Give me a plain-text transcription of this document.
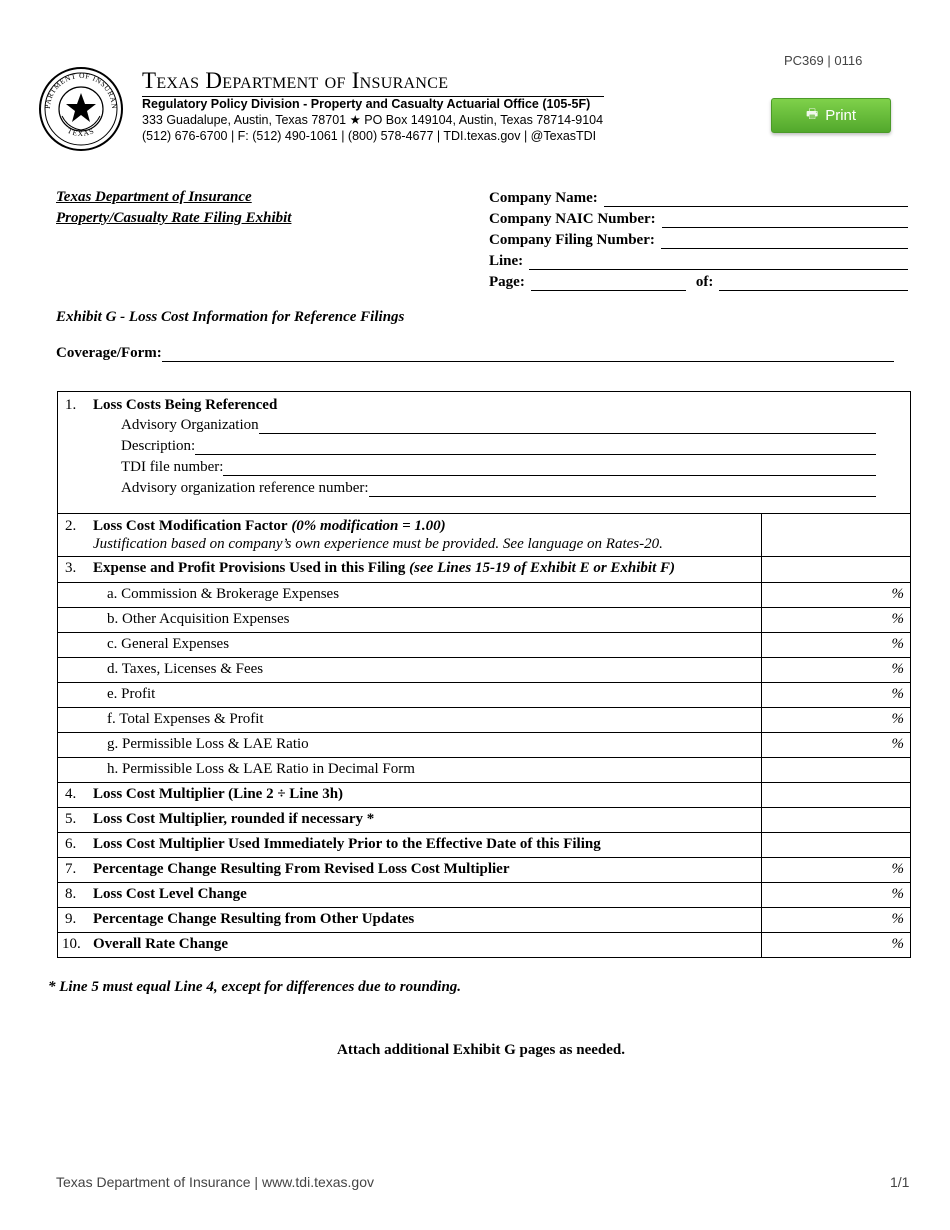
PC369 | 0116
PARTMENT OF INSURAN
TEXAS
Texas Department of Insurance
Regulatory Policy Division - Property and Casualty Actuarial Office (105-5F)
333 Guadalupe, Austin, Texas 78701 ★ PO Box 149104, Austin, Texas 78714-9104
(512) 676-6700 | F: (512) 490-1061 | (800) 578-4677 | TDI.texas.gov | @TexasTDI
🖶 Print
Texas Department of Insurance
Property/Casualty Rate Filing Exhibit
Company Name:
Company NAIC Number:
Company Filing Number:
Line:
Page:	of:
Exhibit G - Loss Cost Information for Reference Filings
Coverage/Form:
1. Loss Costs Being Referenced
Advisory Organization
Description:
TDI file number:
Advisory organization reference number:
2. Loss Cost Modification Factor (0% modification = 1.00)
Justification based on company’s own experience must be provided. See language on Rates-20.
3. Expense and Profit Provisions Used in this Filing (see Lines 15-19 of Exhibit E or Exhibit F)
a. Commission & Brokerage Expenses	%
b. Other Acquisition Expenses	%
c. General Expenses	%
d. Taxes, Licenses & Fees	%
e. Profit	%
f. Total Expenses & Profit	%
g. Permissible Loss & LAE Ratio	%
h. Permissible Loss & LAE Ratio in Decimal Form
4. Loss Cost Multiplier (Line 2 ÷ Line 3h)
5. Loss Cost Multiplier, rounded if necessary *
6. Loss Cost Multiplier Used Immediately Prior to the Effective Date of this Filing
7. Percentage Change Resulting From Revised Loss Cost Multiplier	%
8. Loss Cost Level Change	%
9. Percentage Change Resulting from Other Updates	%
10. Overall Rate Change	%
* Line 5 must equal Line 4, except for differences due to rounding.
Attach additional Exhibit G pages as needed.
Texas Department of Insurance | www.tdi.texas.gov	1/1
